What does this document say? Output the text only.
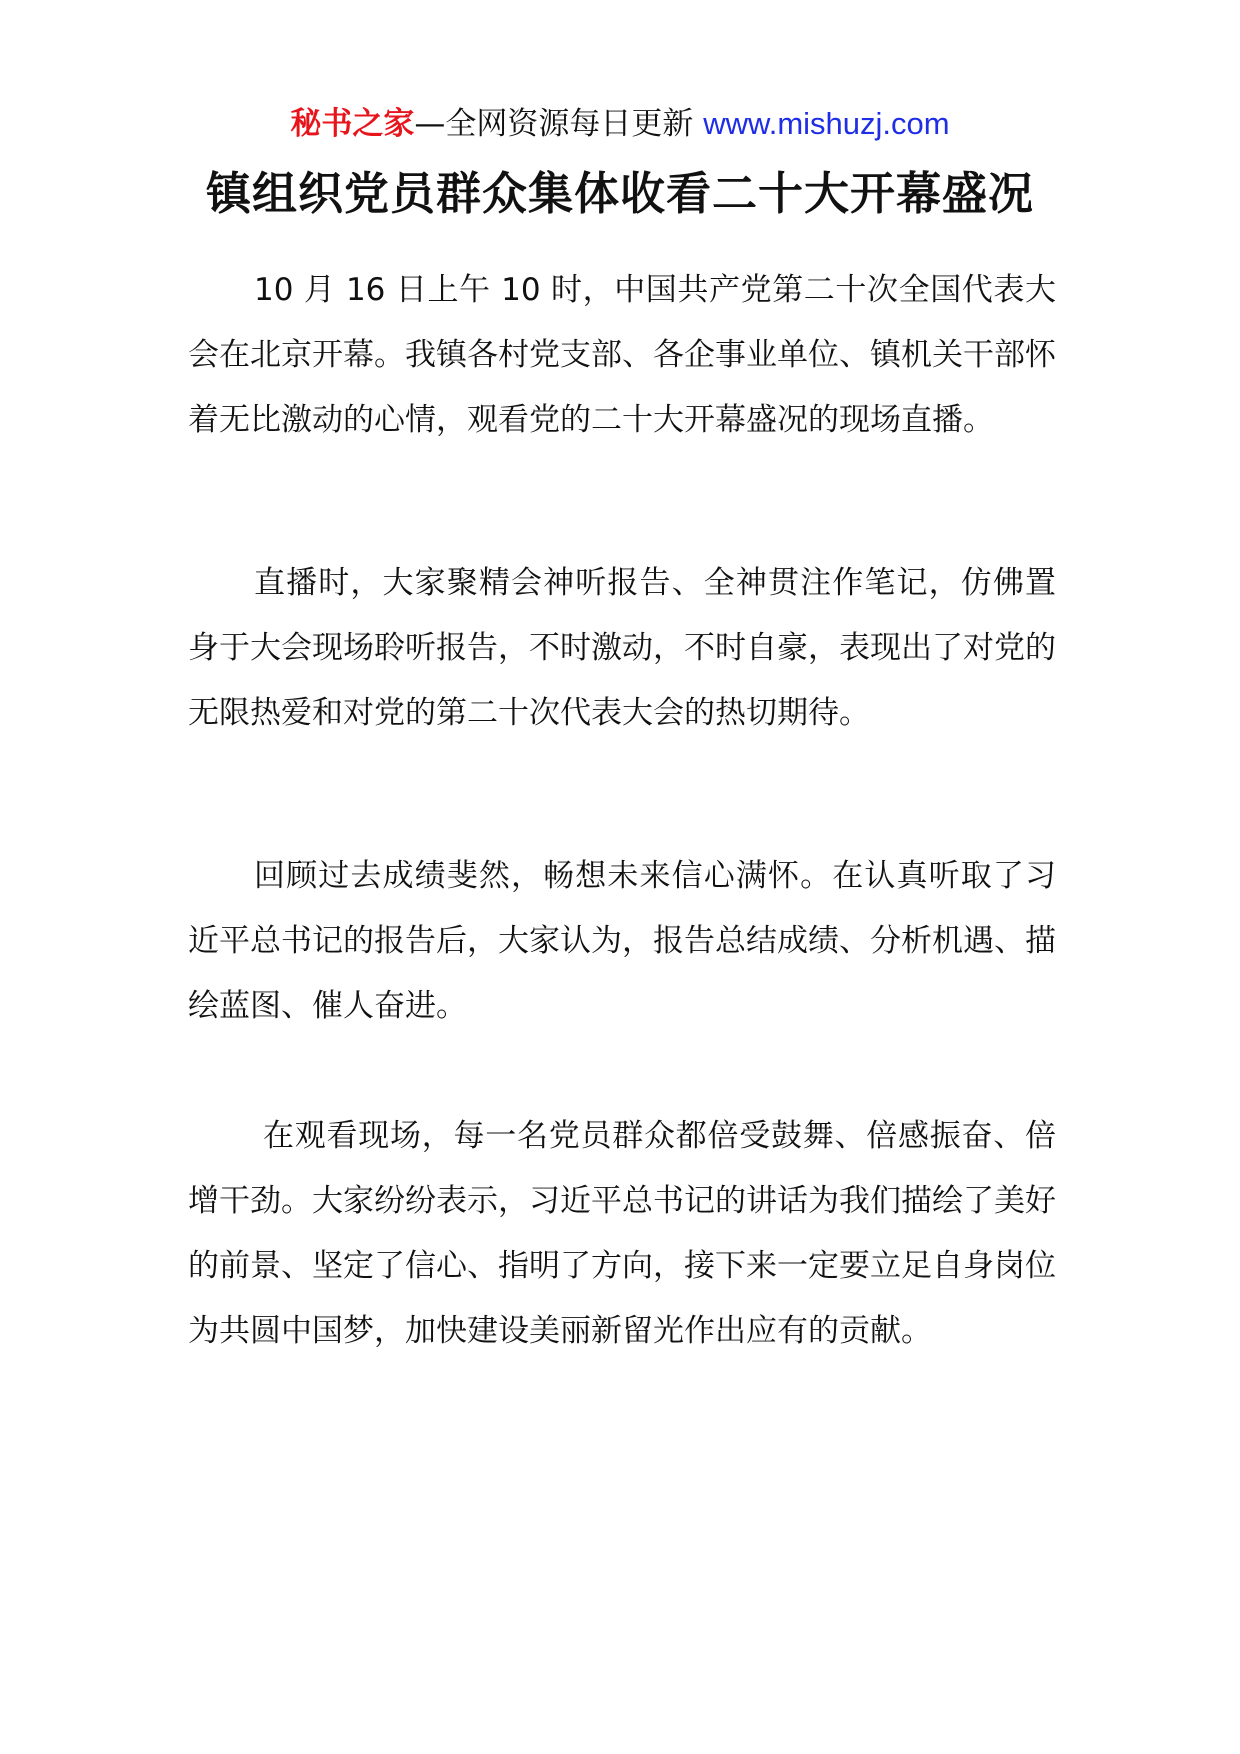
秘书之家—全网资源每日更新 www.mishuzj.com
镇组织党员群众集体收看二十大开幕盛况

10 月 16 日上午 10 时，中国共产党第二十次全国代表大会在北京开幕。我镇各村党支部、各企事业单位、镇机关干部怀着无比激动的心情，观看党的二十大开幕盛况的现场直播。

直播时，大家聚精会神听报告、全神贯注作笔记，仿佛置身于大会现场聆听报告，不时激动，不时自豪，表现出了对党的无限热爱和对党的第二十次代表大会的热切期待。

回顾过去成绩斐然，畅想未来信心满怀。在认真听取了习近平总书记的报告后，大家认为，报告总结成绩、分析机遇、描绘蓝图、催人奋进。

在观看现场，每一名党员群众都倍受鼓舞、倍感振奋、倍增干劲。大家纷纷表示，习近平总书记的讲话为我们描绘了美好的前景、坚定了信心、指明了方向，接下来一定要立足自身岗位为共圆中国梦，加快建设美丽新留光作出应有的贡献。
